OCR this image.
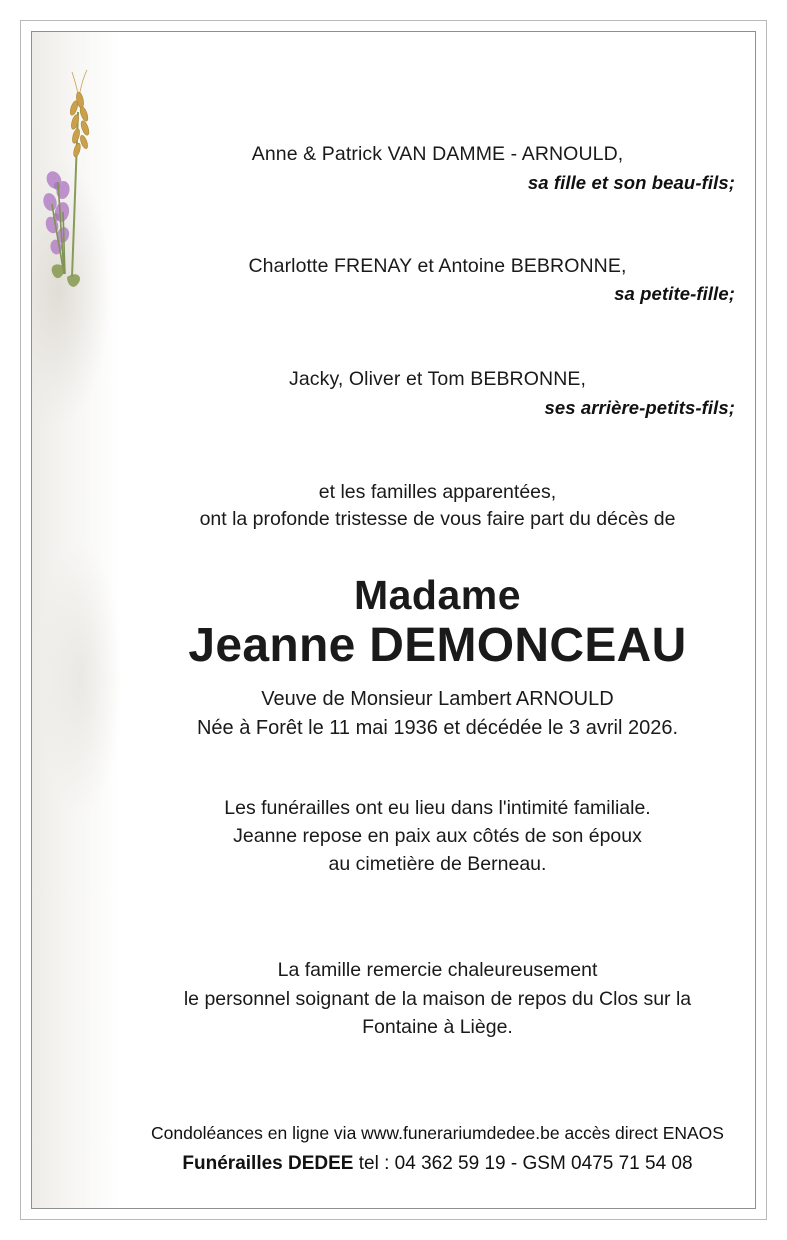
Anne & Patrick VAN DAMME - ARNOULD,
sa fille et son beau-fils;
Charlotte FRENAY et Antoine BEBRONNE,
sa petite-fille;
Jacky, Oliver et Tom BEBRONNE,
ses arrière-petits-fils;
et les familles apparentées,
ont la profonde tristesse de vous faire part du décès de
Madame
Jeanne DEMONCEAU
Veuve de Monsieur Lambert ARNOULD
Née à Forêt le 11 mai 1936 et décédée le 3 avril 2026.
Les funérailles ont eu lieu dans l'intimité familiale.
Jeanne repose en paix aux côtés de son époux
au cimetière de Berneau.
La famille remercie chaleureusement
le personnel soignant de la maison de repos du Clos sur la
Fontaine à Liège.
Condoléances en ligne via www.funerariumdedee.be accès direct ENAOS
Funérailles DEDEE tel : 04 362 59 19 - GSM 0475 71 54 08
